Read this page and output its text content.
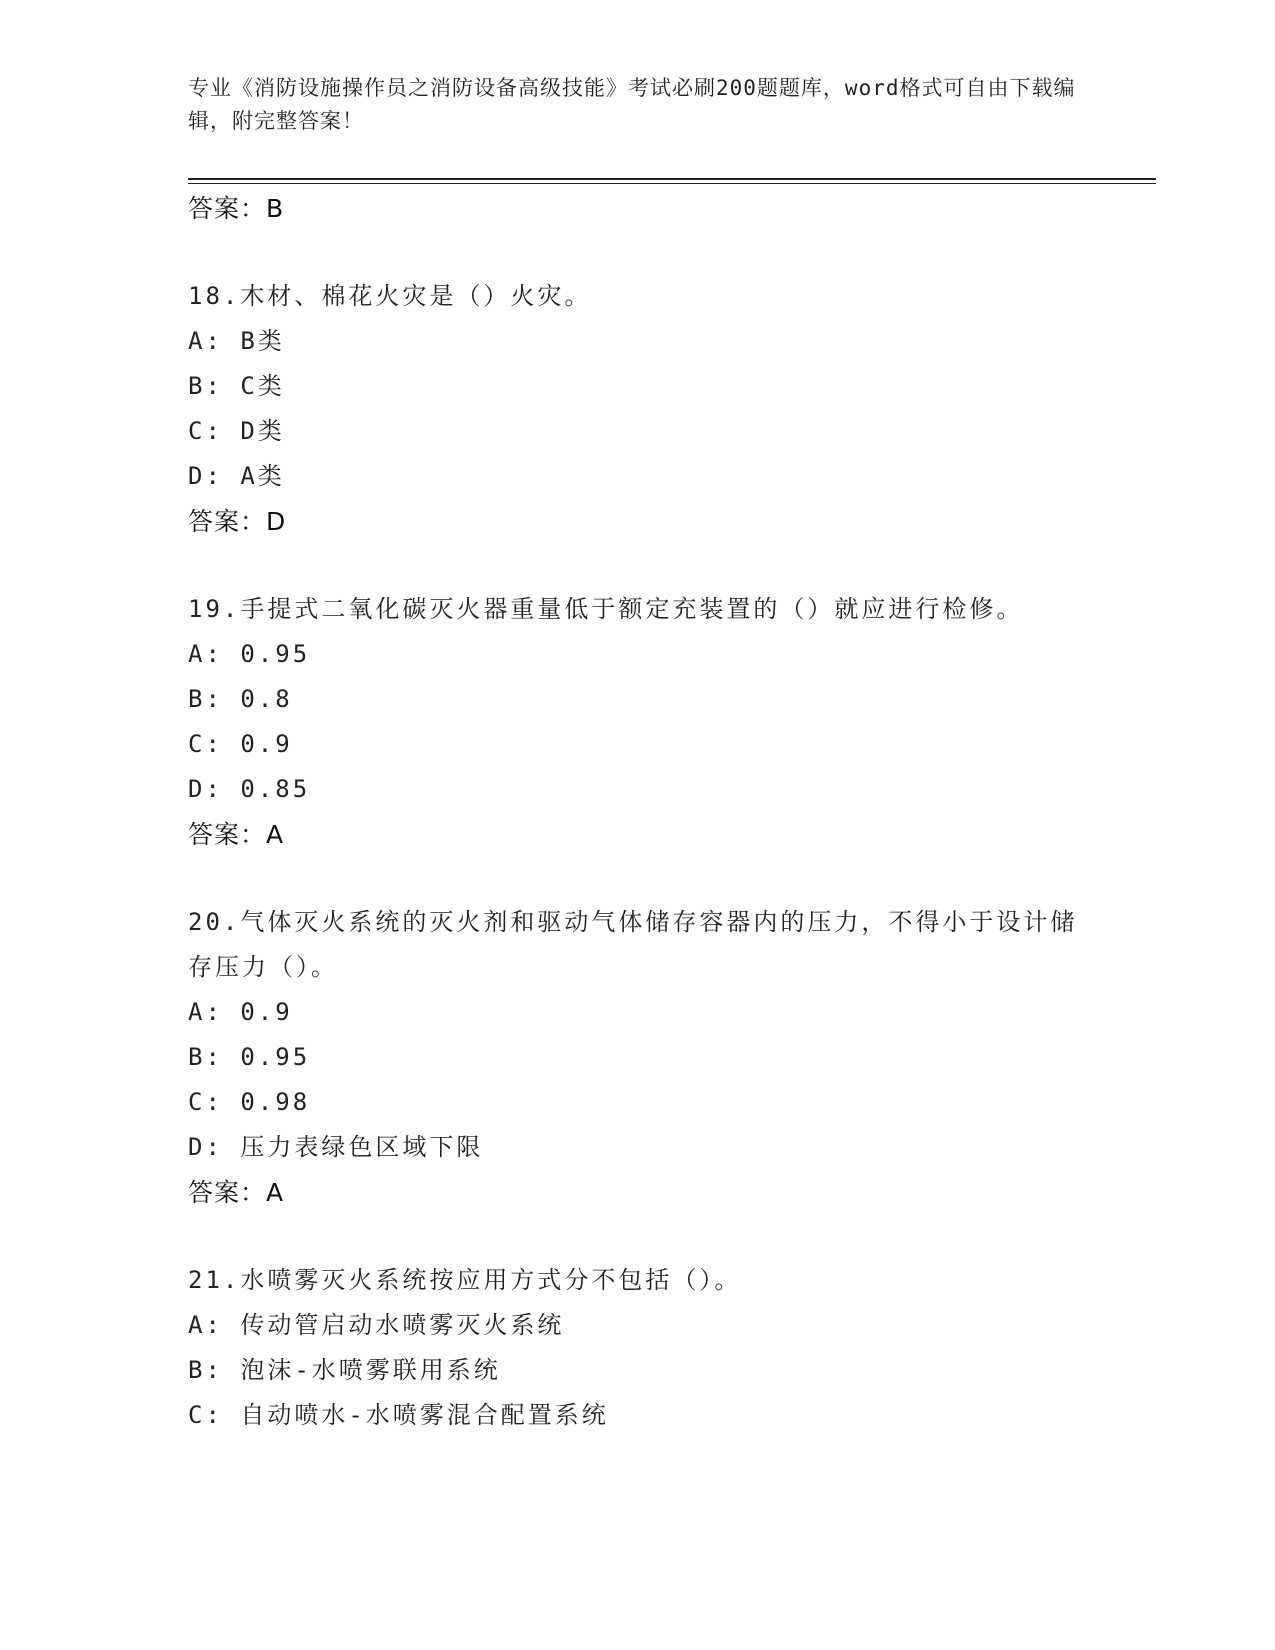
专业《消防设施操作员之消防设备高级技能》考试必刷200题题库，word格式可自由下载编辑，附完整答案！
答案：B
18.木材、棉花火灾是（）火灾。
A: B类
B: C类
C: D类
D: A类
答案：D
19.手提式二氧化碳灭火器重量低于额定充装置的（）就应进行检修。
A: 0.95
B: 0.8
C: 0.9
D: 0.85
答案：A
20.气体灭火系统的灭火剂和驱动气体储存容器内的压力，不得小于设计储存压力（）。
A: 0.9
B: 0.95
C: 0.98
D: 压力表绿色区域下限
答案：A
21.水喷雾灭火系统按应用方式分不包括（）。
A: 传动管启动水喷雾灭火系统
B: 泡沫-水喷雾联用系统
C: 自动喷水-水喷雾混合配置系统
